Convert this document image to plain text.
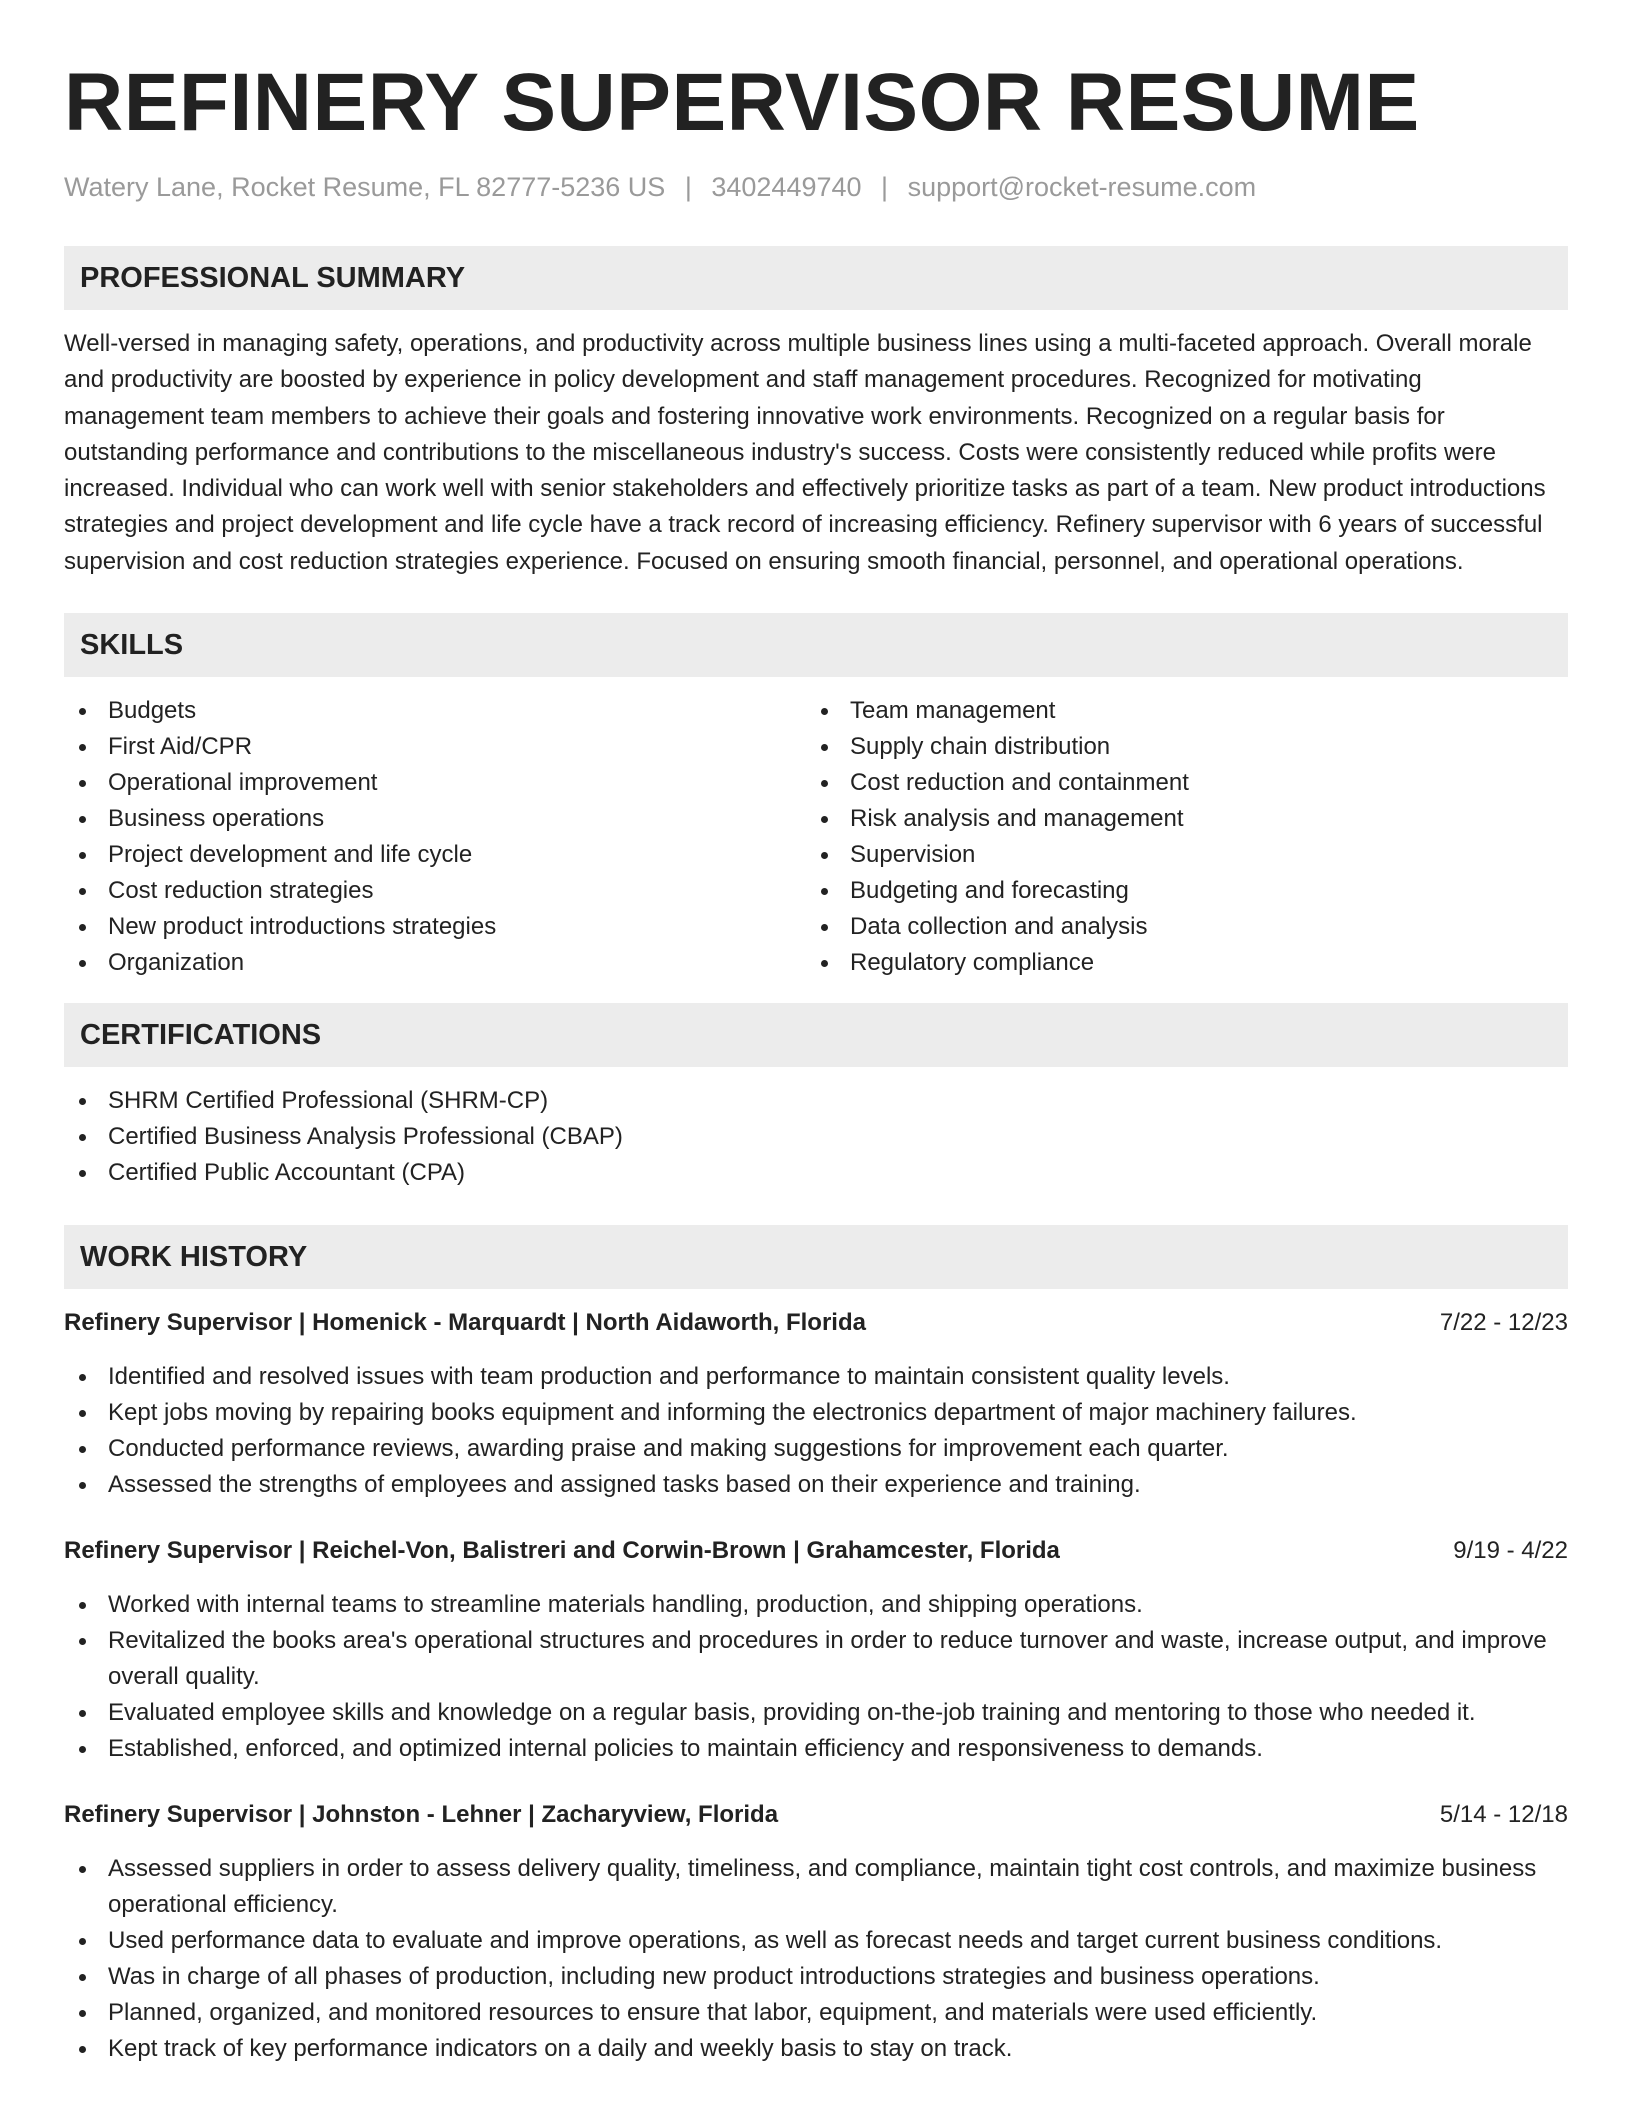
REFINERY SUPERVISOR RESUME
Watery Lane, Rocket Resume, FL 82777-5236 US | 3402449740 | support@rocket-resume.com
PROFESSIONAL SUMMARY

Well-versed in managing safety, operations, and productivity across multiple business lines using a multi-faceted approach. Overall morale and productivity are boosted by experience in policy development and staff management procedures. Recognized for motivating management team members to achieve their goals and fostering innovative work environments. Recognized on a regular basis for outstanding performance and contributions to the miscellaneous industry's success. Costs were consistently reduced while profits were increased. Individual who can work well with senior stakeholders and effectively prioritize tasks as part of a team. New product introductions strategies and project development and life cycle have a track record of increasing efficiency. Refinery supervisor with 6 years of successful supervision and cost reduction strategies experience. Focused on ensuring smooth financial, personnel, and operational operations.

SKILLS
Budgets
First Aid/CPR
Operational improvement
Business operations
Project development and life cycle
Cost reduction strategies
New product introductions strategies
Organization
Team management
Supply chain distribution
Cost reduction and containment
Risk analysis and management
Supervision
Budgeting and forecasting
Data collection and analysis
Regulatory compliance
CERTIFICATIONS
SHRM Certified Professional (SHRM-CP)
Certified Business Analysis Professional (CBAP)
Certified Public Accountant (CPA)
WORK HISTORY
Refinery Supervisor | Homenick - Marquardt | North Aidaworth, Florida	7/22 - 12/23
Identified and resolved issues with team production and performance to maintain consistent quality levels.
Kept jobs moving by repairing books equipment and informing the electronics department of major machinery failures.
Conducted performance reviews, awarding praise and making suggestions for improvement each quarter.
Assessed the strengths of employees and assigned tasks based on their experience and training.
Refinery Supervisor | Reichel-Von, Balistreri and Corwin-Brown | Grahamcester, Florida	9/19 - 4/22
Worked with internal teams to streamline materials handling, production, and shipping operations.
Revitalized the books area's operational structures and procedures in order to reduce turnover and waste, increase output, and improve overall quality.
Evaluated employee skills and knowledge on a regular basis, providing on-the-job training and mentoring to those who needed it.
Established, enforced, and optimized internal policies to maintain efficiency and responsiveness to demands.
Refinery Supervisor | Johnston - Lehner | Zacharyview, Florida	5/14 - 12/18
Assessed suppliers in order to assess delivery quality, timeliness, and compliance, maintain tight cost controls, and maximize business operational efficiency.
Used performance data to evaluate and improve operations, as well as forecast needs and target current business conditions.
Was in charge of all phases of production, including new product introductions strategies and business operations.
Planned, organized, and monitored resources to ensure that labor, equipment, and materials were used efficiently.
Kept track of key performance indicators on a daily and weekly basis to stay on track.
